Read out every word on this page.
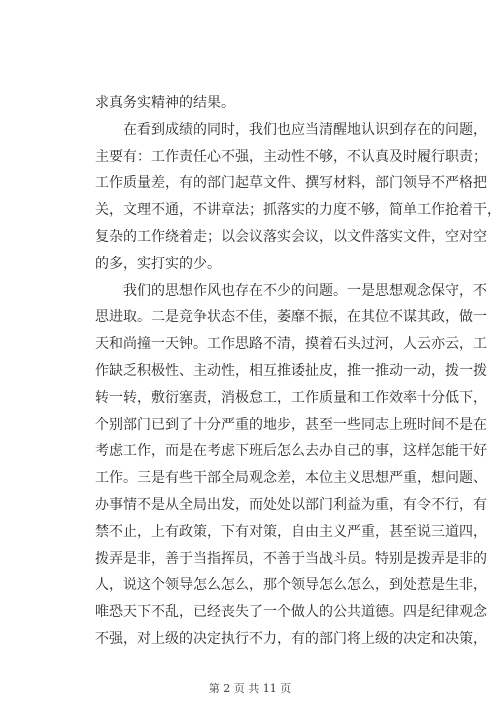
求真务实精神的结果。
在看到成绩的同时，我们也应当清醒地认识到存在的问题，
主要有：工作责任心不强，主动性不够，不认真及时履行职责；
工作质量差，有的部门起草文件、撰写材料，部门领导不严格把
关，文理不通，不讲章法；抓落实的力度不够，简单工作抢着干，
复杂的工作绕着走；以会议落实会议，以文件落实文件，空对空
的多，实打实的少。
我们的思想作风也存在不少的问题。一是思想观念保守，不
思进取。二是竞争状态不佳，萎靡不振，在其位不谋其政，做一
天和尚撞一天钟。工作思路不清，摸着石头过河，人云亦云，工
作缺乏积极性、主动性，相互推诿扯皮，推一推动一动，拨一拨
转一转，敷衍塞责，消极怠工，工作质量和工作效率十分低下，
个别部门已到了十分严重的地步，甚至一些同志上班时间不是在
考虑工作，而是在考虑下班后怎么去办自己的事，这样怎能干好
工作。三是有些干部全局观念差，本位主义思想严重，想问题、
办事情不是从全局出发，而处处以部门利益为重，有令不行，有
禁不止，上有政策，下有对策，自由主义严重，甚至说三道四，
拨弄是非，善于当指挥员，不善于当战斗员。特别是拨弄是非的
人，说这个领导怎么怎么，那个领导怎么怎么，到处惹是生非，
唯恐天下不乱，已经丧失了一个做人的公共道德。四是纪律观念
不强，对上级的决定执行不力，有的部门将上级的决定和决策，
第 2 页 共 11 页
